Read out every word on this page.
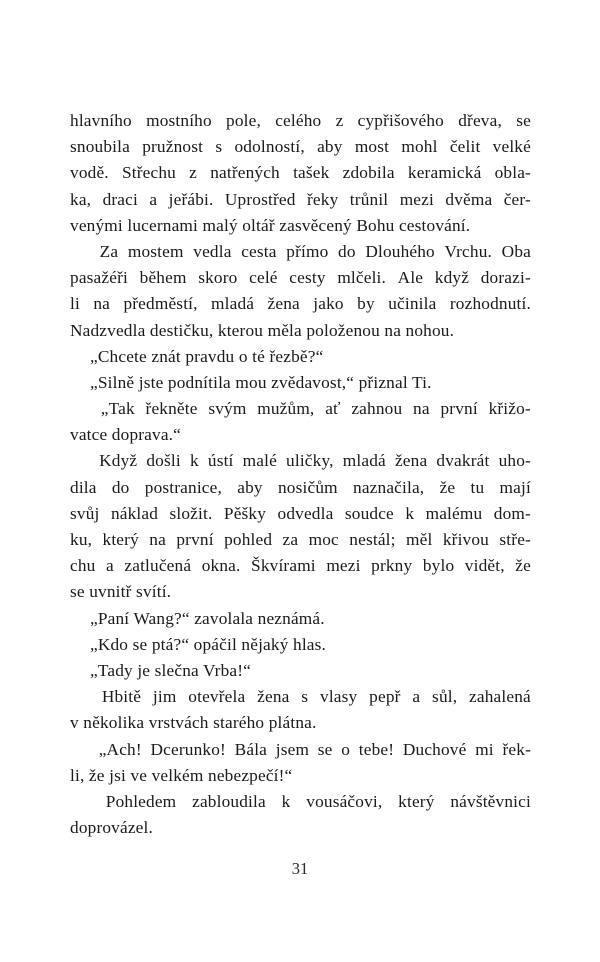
hlavního mostního pole, celého z cypřišového dřeva, se
snoubila pružnost s odolností, aby most mohl čelit velké
vodě. Střechu z natřených tašek zdobila keramická obla-
ka, draci a jeřábi. Uprostřed řeky trůnil mezi dvěma čer-
venými lucernami malý oltář zasvěcený Bohu cestování.
Za mostem vedla cesta přímo do Dlouhého Vrchu. Oba
pasažéři během skoro celé cesty mlčeli. Ale když dorazi-
li na předměstí, mladá žena jako by učinila rozhodnutí.
Nadzvedla destičku, kterou měla položenou na nohou.
„Chcete znát pravdu o té řezbě?“
„Silně jste podnítila mou zvědavost,“ přiznal Ti.
„Tak řekněte svým mužům, ať zahnou na první křižo-
vatce doprava.“
Když došli k ústí malé uličky, mladá žena dvakrát uho-
dila do postranice, aby nosičům naznačila, že tu mají
svůj náklad složit. Pěšky odvedla soudce k malému dom-
ku, který na první pohled za moc nestál; měl křivou stře-
chu a zatlučená okna. Škvírami mezi prkny bylo vidět, že
se uvnitř svítí.
„Paní Wang?“ zavolala neznámá.
„Kdo se ptá?“ opáčil nějaký hlas.
„Tady je slečna Vrba!“
Hbitě jim otevřela žena s vlasy pepř a sůl, zahalená
v několika vrstvách starého plátna.
„Ach! Dcerunko! Bála jsem se o tebe! Duchové mi řek-
li, že jsi ve velkém nebezpečí!“
Pohledem zabloudila k vousáčovi, který návštěvnici
doprovázel.
31
